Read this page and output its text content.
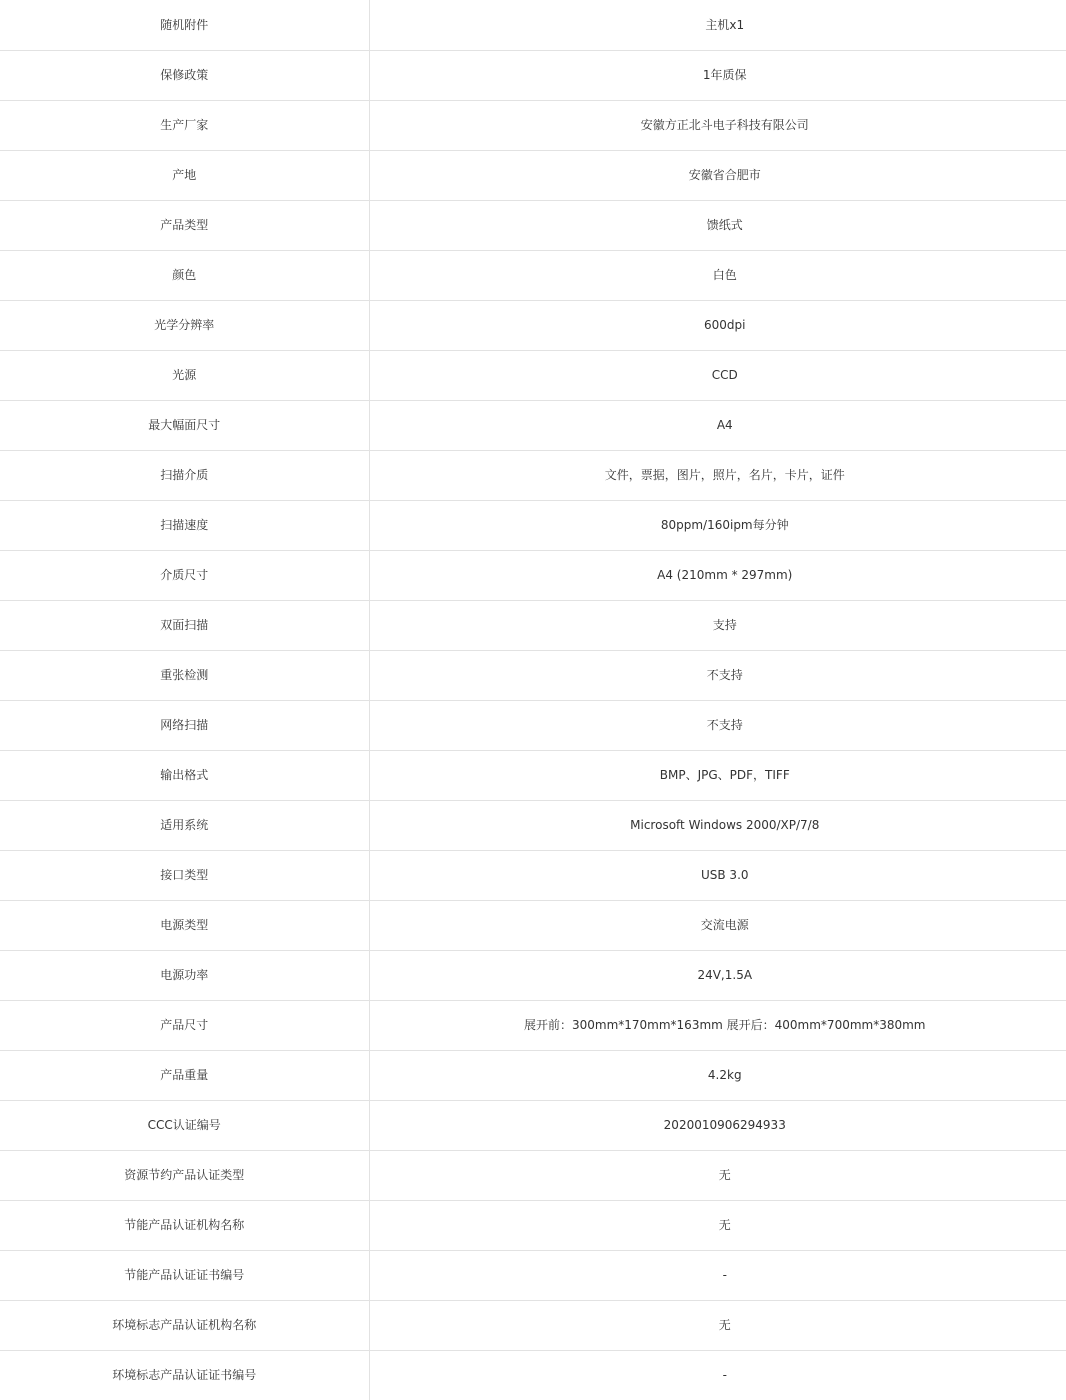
随机附件	主机x1
保修政策	1年质保
生产厂家	安徽方正北斗电子科技有限公司
产地	安徽省合肥市
产品类型	馈纸式
颜色	白色
光学分辨率	600dpi
光源	CCD
最大幅面尺寸	A4
扫描介质	文件，票据，图片，照片，名片，卡片，证件
扫描速度	80ppm/160ipm每分钟
介质尺寸	A4 (210mm * 297mm)
双面扫描	支持
重张检测	不支持
网络扫描	不支持
输出格式	BMP、JPG、PDF，TIFF
适用系统	Microsoft Windows 2000/XP/7/8
接口类型	USB 3.0
电源类型	交流电源
电源功率	24V,1.5A
产品尺寸	展开前：300mm*170mm*163mm 展开后：400mm*700mm*380mm
产品重量	4.2kg
CCC认证编号	2020010906294933
资源节约产品认证类型	无
节能产品认证机构名称	无
节能产品认证证书编号	-
环境标志产品认证机构名称	无
环境标志产品认证证书编号	-
